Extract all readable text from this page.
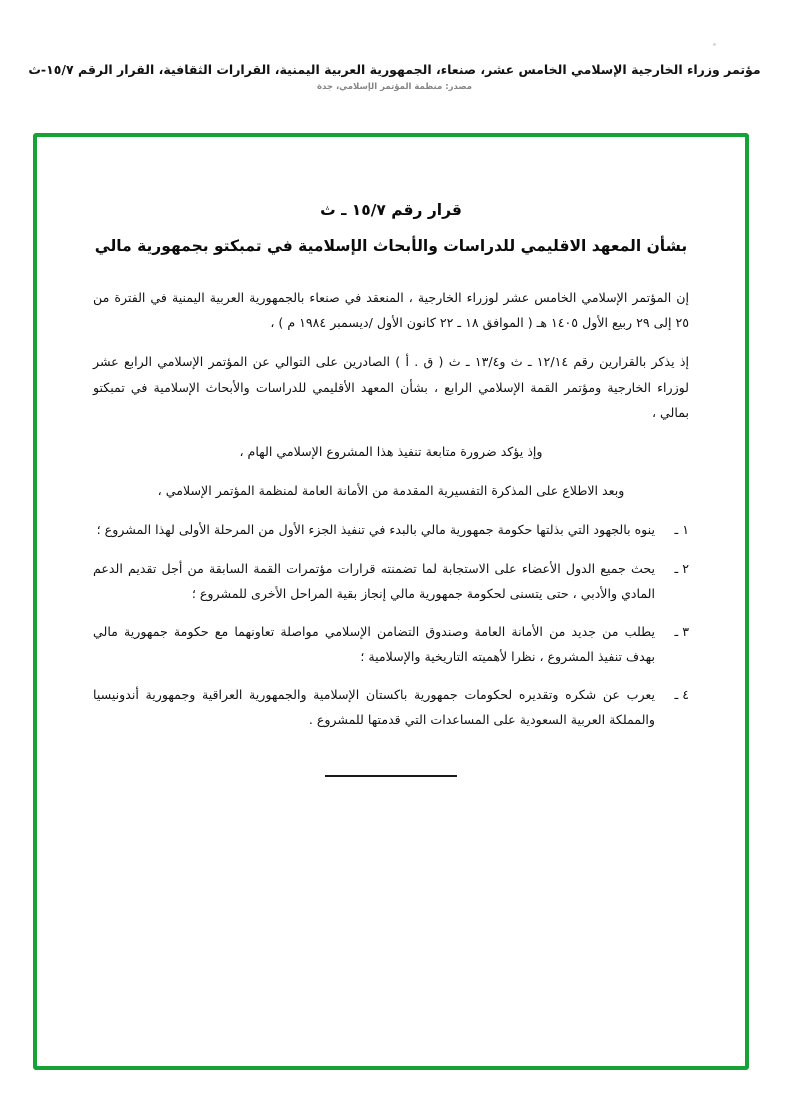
مؤتمر وزراء الخارجية الإسلامي الخامس عشر، صنعاء، الجمهورية العربية اليمنية، القرارات الثقافية، القرار الرقم ١٥/٧-ث
مصدر: منظمة المؤتمر الإسلامي، جدة
قرار رقم ١٥/٧ ـ ث
بشأن المعهد الاقليمي للدراسات والأبحاث الإسلامية في تمبكتو بجمهورية مالي

إن المؤتمر الإسلامي الخامس عشر لوزراء الخارجية ، المنعقد في صنعاء بالجمهورية العربية اليمنية في الفترة من ٢٥ إلى ٢٩ ربيع الأول ١٤٠٥ هـ ( الموافق ١٨ ـ ٢٢ كانون الأول /ديسمبر ١٩٨٤ م ) ،

إذ يذكر بالقرارين رقم ١٢/١٤ ـ ث و١٣/٤ ـ ث ( ق . أ ) الصادرين على التوالي عن المؤتمر الإسلامي الرابع عشر لوزراء الخارجية ومؤتمر القمة الإسلامي الرابع ، بشأن المعهد الأقليمي للدراسات والأبحاث الإسلامية في تمبكتو بمالي ،

وإذ يؤكد ضرورة متابعة تنفيذ هذا المشروع الإسلامي الهام ،

وبعد الاطلاع على المذكرة التفسيرية المقدمة من الأمانة العامة لمنظمة المؤتمر الإسلامي ،

١ ـ
ينوه بالجهود التي بذلتها حكومة جمهورية مالي بالبدء في تنفيذ الجزء الأول من المرحلة الأولى لهذا المشروع ؛
٢ ـ
يحث جميع الدول الأعضاء على الاستجابة لما تضمنته قرارات مؤتمرات القمة السابقة من أجل تقديم الدعم المادي والأدبي ، حتى يتسنى لحكومة جمهورية مالي إنجاز بقية المراحل الأخرى للمشروع ؛
٣ ـ
يطلب من جديد من الأمانة العامة وصندوق التضامن الإسلامي مواصلة تعاونهما مع حكومة جمهورية مالي بهدف تنفيذ المشروع ، نظرا لأهميته التاريخية والإسلامية ؛
٤ ـ
يعرب عن شكره وتقديره لحكومات جمهورية باكستان الإسلامية والجمهورية العراقية وجمهورية أندونيسيا والمملكة العربية السعودية على المساعدات التي قدمتها للمشروع .
